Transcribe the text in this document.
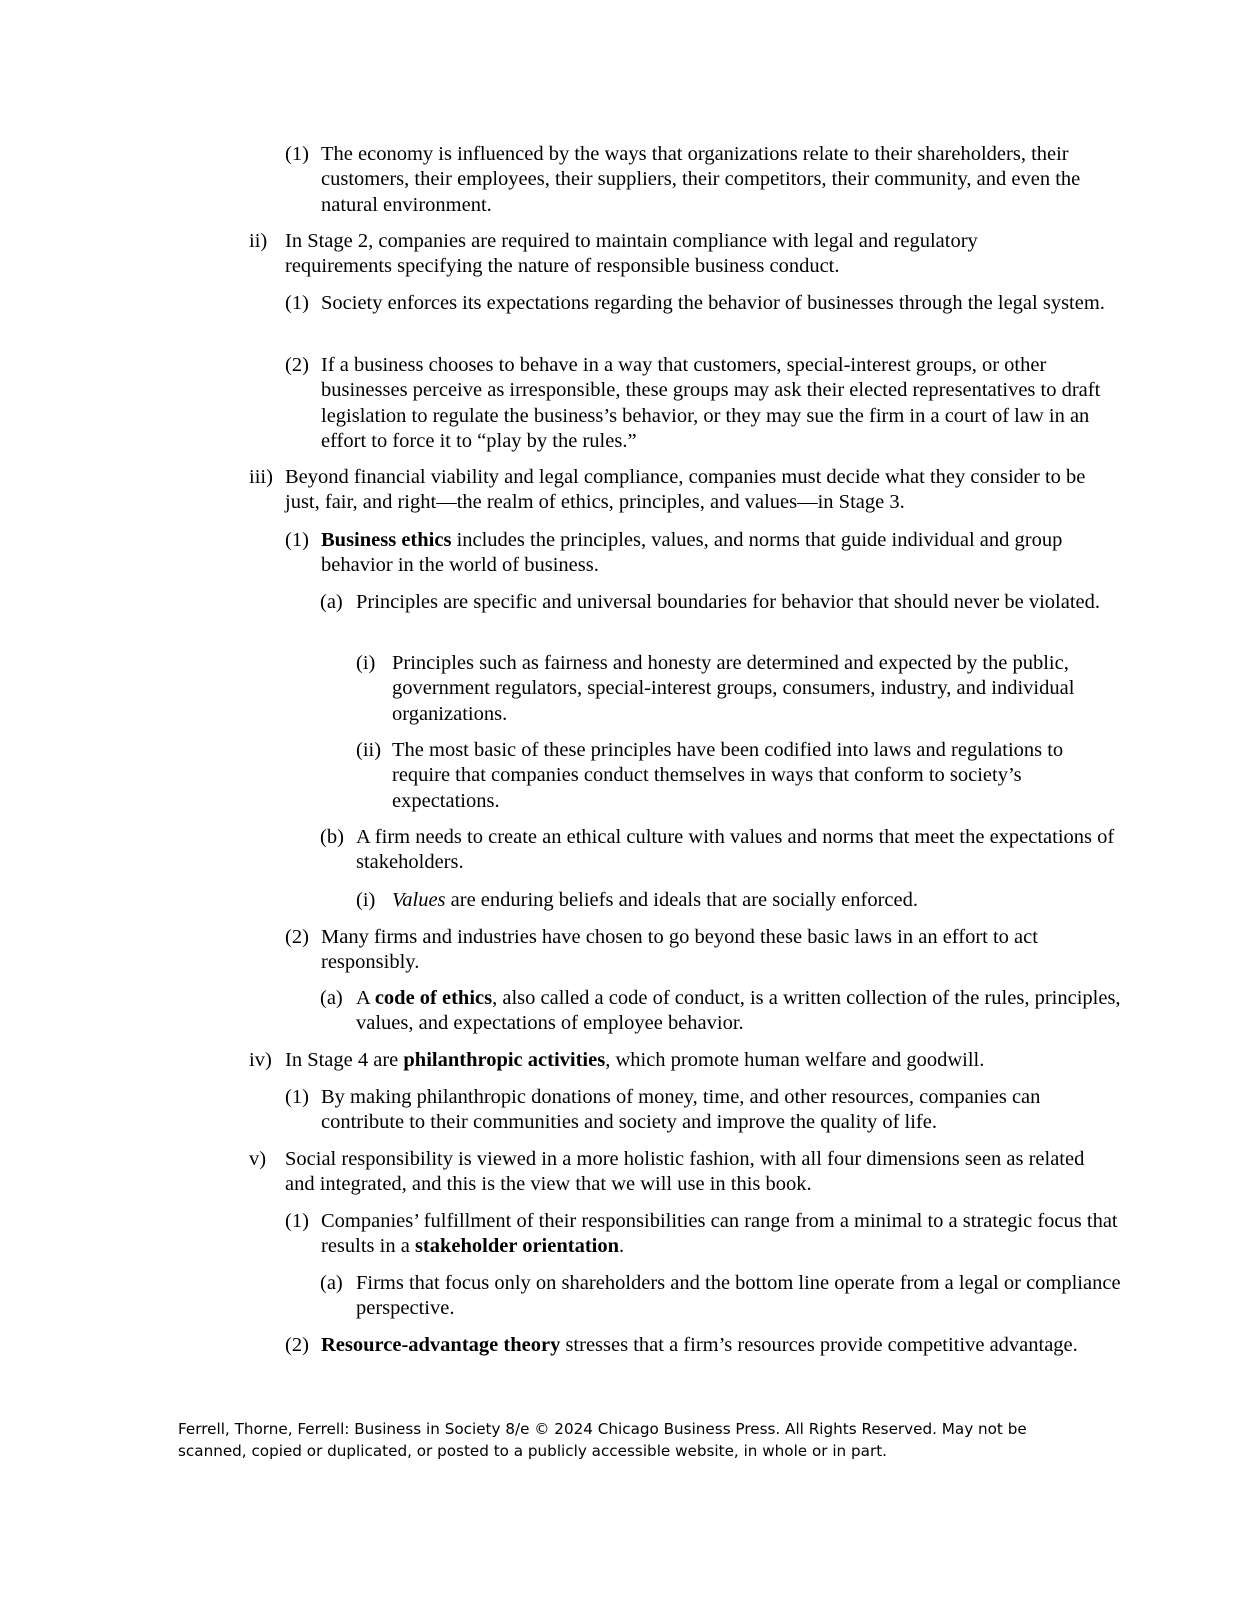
(1) The economy is influenced by the ways that organizations relate to their shareholders, their customers, their employees, their suppliers, their competitors, their community, and even the natural environment.
ii) In Stage 2, companies are required to maintain compliance with legal and regulatory requirements specifying the nature of responsible business conduct.
(1) Society enforces its expectations regarding the behavior of businesses through the legal system.
(2) If a business chooses to behave in a way that customers, special-interest groups, or other businesses perceive as irresponsible, these groups may ask their elected representatives to draft legislation to regulate the business’s behavior, or they may sue the firm in a court of law in an effort to force it to “play by the rules.”
iii) Beyond financial viability and legal compliance, companies must decide what they consider to be just, fair, and right—the realm of ethics, principles, and values—in Stage 3.
(1) Business ethics includes the principles, values, and norms that guide individual and group behavior in the world of business.
(a) Principles are specific and universal boundaries for behavior that should never be violated.
(i) Principles such as fairness and honesty are determined and expected by the public, government regulators, special-interest groups, consumers, industry, and individual organizations.
(ii) The most basic of these principles have been codified into laws and regulations to require that companies conduct themselves in ways that conform to society’s expectations.
(b) A firm needs to create an ethical culture with values and norms that meet the expectations of stakeholders.
(i) Values are enduring beliefs and ideals that are socially enforced.
(2) Many firms and industries have chosen to go beyond these basic laws in an effort to act responsibly.
(a) A code of ethics, also called a code of conduct, is a written collection of the rules, principles, values, and expectations of employee behavior.
iv) In Stage 4 are philanthropic activities, which promote human welfare and goodwill.
(1) By making philanthropic donations of money, time, and other resources, companies can contribute to their communities and society and improve the quality of life.
v) Social responsibility is viewed in a more holistic fashion, with all four dimensions seen as related and integrated, and this is the view that we will use in this book.
(1) Companies’ fulfillment of their responsibilities can range from a minimal to a strategic focus that results in a stakeholder orientation.
(a) Firms that focus only on shareholders and the bottom line operate from a legal or compliance perspective.
(2) Resource-advantage theory stresses that a firm’s resources provide competitive advantage.
Ferrell, Thorne, Ferrell: Business in Society 8/e © 2024 Chicago Business Press. All Rights Reserved. May not be
scanned, copied or duplicated, or posted to a publicly accessible website, in whole or in part.
